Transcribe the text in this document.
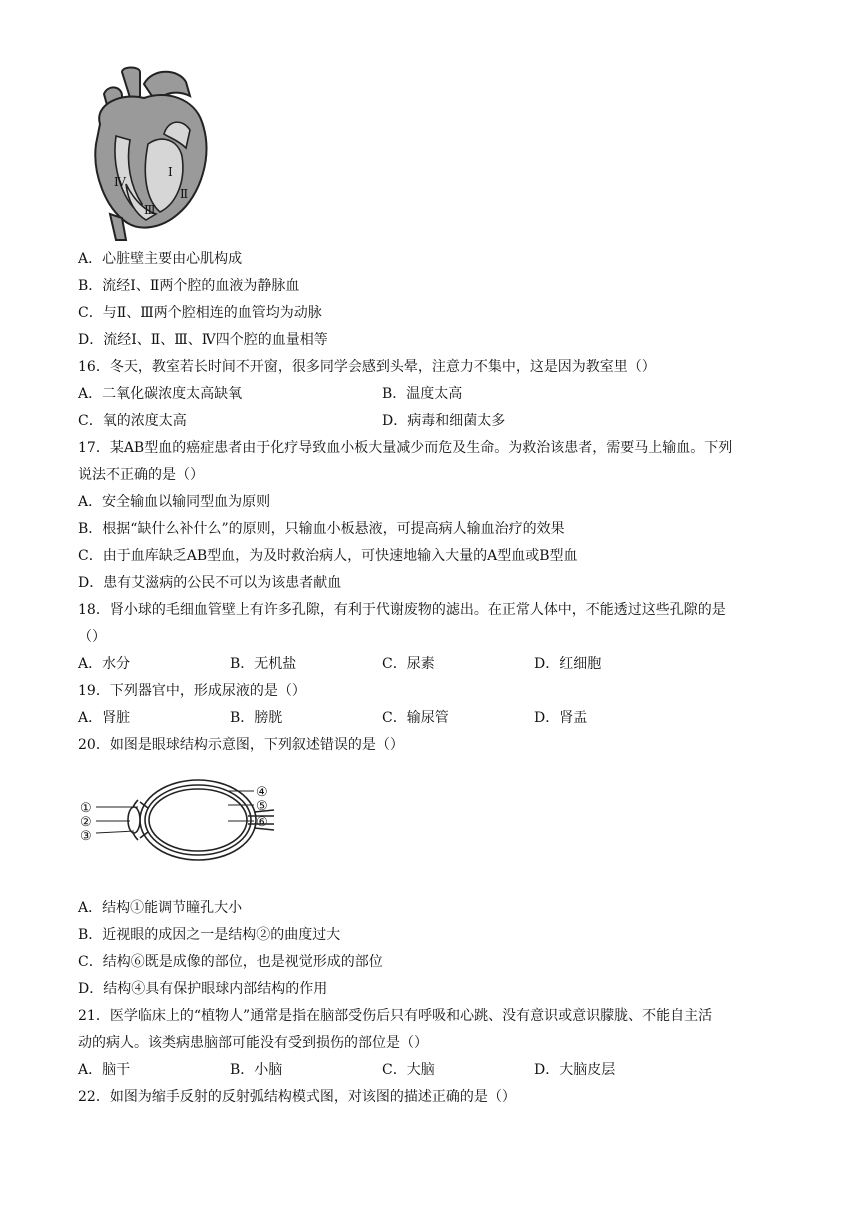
Ⅳ
Ⅰ
Ⅱ
Ⅲ
A．心脏壁主要由心肌构成
B．流经Ⅰ、Ⅱ两个腔的血液为静脉血
C．与Ⅱ、Ⅲ两个腔相连的血管均为动脉
D．流经Ⅰ、Ⅱ、Ⅲ、Ⅳ四个腔的血量相等
16．冬天，教室若长时间不开窗，很多同学会感到头晕，注意力不集中，这是因为教室里（）
A．二氧化碳浓度太高缺氧	B．温度太高
C．氧的浓度太高	D．病毒和细菌太多
17．某AB型血的癌症患者由于化疗导致血小板大量减少而危及生命。为救治该患者，需要马上输血。下列
说法不正确的是（）
A．安全输血以输同型血为原则
B．根据“缺什么补什么”的原则，只输血小板悬液，可提高病人输血治疗的效果
C．由于血库缺乏AB型血，为及时救治病人，可快速地输入大量的A型血或B型血
D．患有艾滋病的公民不可以为该患者献血
18．肾小球的毛细血管壁上有许多孔隙，有利于代谢废物的滤出。在正常人体中，不能透过这些孔隙的是
（）
A．水分	B．无机盐	C．尿素	D．红细胞
19．下列器官中，形成尿液的是（）
A．肾脏	B．膀胱	C．输尿管	D．肾盂
20．如图是眼球结构示意图，下列叙述错误的是（）
①
②
③
④
⑤
⑥
A．结构①能调节瞳孔大小
B．近视眼的成因之一是结构②的曲度过大
C．结构⑥既是成像的部位，也是视觉形成的部位
D．结构④具有保护眼球内部结构的作用
21．医学临床上的“植物人”通常是指在脑部受伤后只有呼吸和心跳、没有意识或意识朦胧、不能自主活
动的病人。该类病患脑部可能没有受到损伤的部位是（）
A．脑干	B．小脑	C．大脑	D．大脑皮层
22．如图为缩手反射的反射弧结构模式图，对该图的描述正确的是（）
